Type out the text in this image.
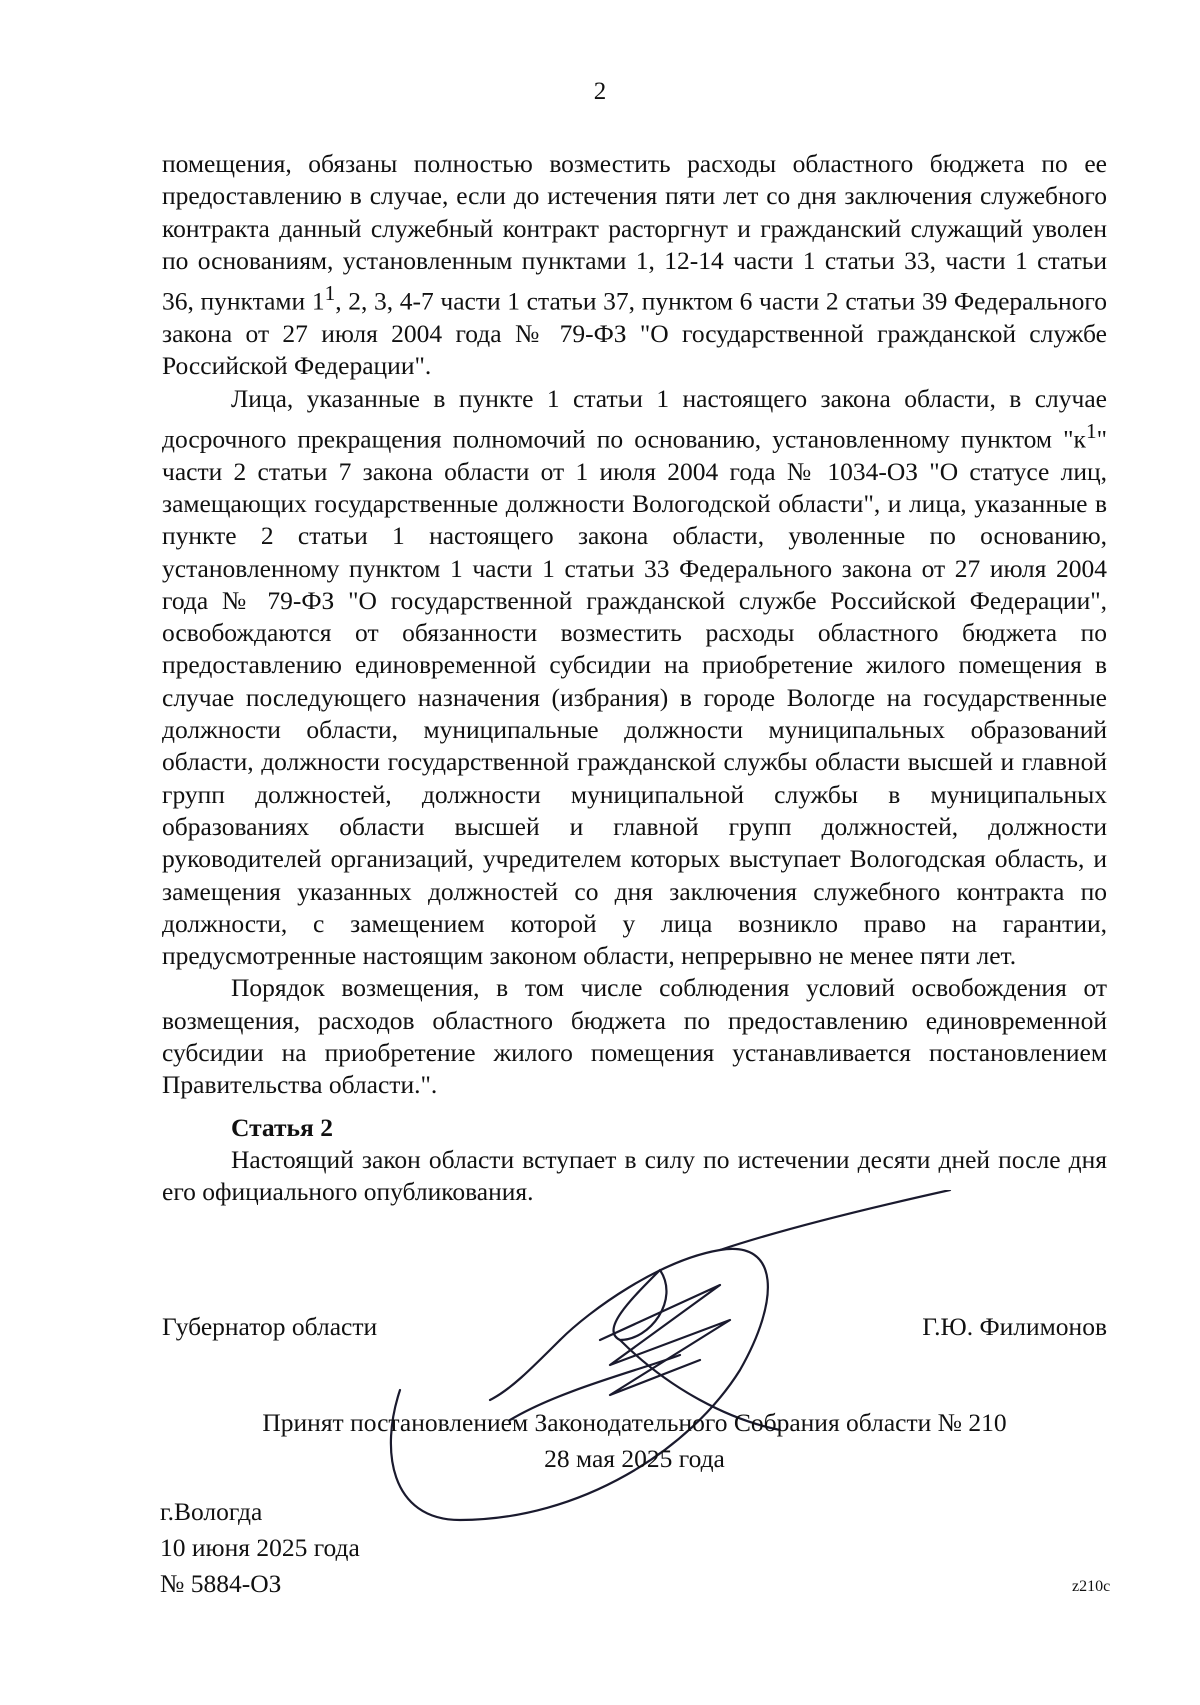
2

помещения, обязаны полностью возместить расходы областного бюджета по ее предоставлению в случае, если до истечения пяти лет со дня заключения служебного контракта данный служебный контракт расторгнут и гражданский служащий уволен по основаниям, установленным пунктами 1, 12-14 части 1 статьи 33, части 1 статьи 36, пунктами $1^1$, 2, 3, 4-7 части 1 статьи 37, пунктом 6 части 2 статьи 39 Федерального закона от 27 июля 2004 года № 79-ФЗ "О государственной гражданской службе Российской Федерации".

Лица, указанные в пункте 1 статьи 1 настоящего закона области, в случае досрочного прекращения полномочий по основанию, установленному пунктом "$к^1$" части 2 статьи 7 закона области от 1 июля 2004 года № 1034-ОЗ "О статусе лиц, замещающих государственные должности Вологодской области", и лица, указанные в пункте 2 статьи 1 настоящего закона области, уволенные по основанию, установленному пунктом 1 части 1 статьи 33 Федерального закона от 27 июля 2004 года № 79-ФЗ "О государственной гражданской службе Российской Федерации", освобождаются от обязанности возместить расходы областного бюджета по предоставлению единовременной субсидии на приобретение жилого помещения в случае последующего назначения (избрания) в городе Вологде на государственные должности области, муниципальные должности муниципальных образований области, должности государственной гражданской службы области высшей и главной групп должностей, должности муниципальной службы в муниципальных образованиях области высшей и главной групп должностей, должности руководителей организаций, учредителем которых выступает Вологодская область, и замещения указанных должностей со дня заключения служебного контракта по должности, с замещением которой у лица возникло право на гарантии, предусмотренные настоящим законом области, непрерывно не менее пяти лет.

Порядок возмещения, в том числе соблюдения условий освобождения от возмещения, расходов областного бюджета по предоставлению единовременной субсидии на приобретение жилого помещения устанавливается постановлением Правительства области.".

Статья 2

Настоящий закон области вступает в силу по истечении десяти дней после дня его официального опубликования.

Губернатор области	Г.Ю. Филимонов
Принят постановлением Законодательного Собрания области № 210
28 мая 2025 года
г.Вологда
10 июня 2025 года
№ 5884-ОЗ	z210c
